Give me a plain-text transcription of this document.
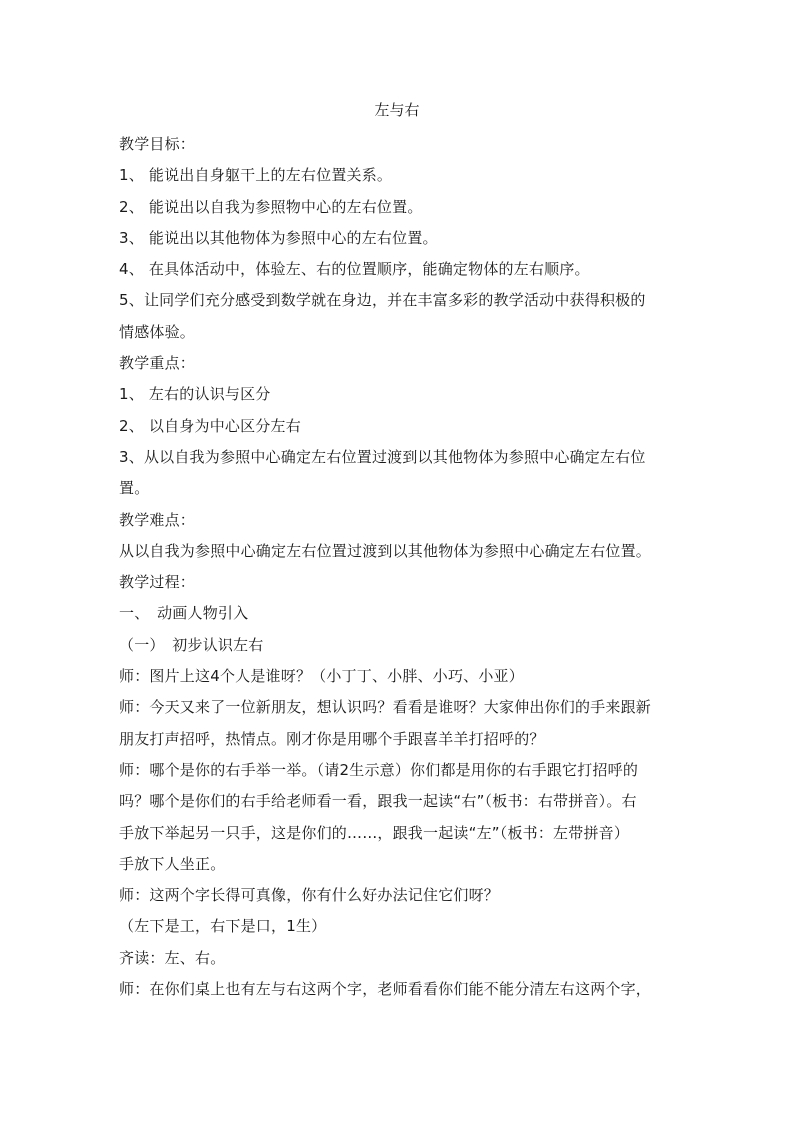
左与右
教学目标：
1、 能说出自身躯干上的左右位置关系。
2、 能说出以自我为参照物中心的左右位置。
3、 能说出以其他物体为参照中心的左右位置。
4、 在具体活动中，体验左、右的位置顺序，能确定物体的左右顺序。
5、让同学们充分感受到数学就在身边，并在丰富多彩的教学活动中获得积极的
情感体验。
教学重点：
1、 左右的认识与区分
2、 以自身为中心区分左右
3、从以自我为参照中心确定左右位置过渡到以其他物体为参照中心确定左右位
置。
教学难点：
从以自我为参照中心确定左右位置过渡到以其他物体为参照中心确定左右位置。
教学过程：
一、　动画人物引入
（一）　初步认识左右
师：图片上这4个人是谁呀？（小丁丁、小胖、小巧、小亚）
师：今天又来了一位新朋友，想认识吗？看看是谁呀？大家伸出你们的手来跟新
朋友打声招呼，热情点。刚才你是用哪个手跟喜羊羊打招呼的？
师：哪个是你的右手举一举。（请2生示意）你们都是用你的右手跟它打招呼的
吗？哪个是你们的右手给老师看一看，跟我一起读“右”（板书：右带拼音）。右
手放下举起另一只手，这是你们的……，跟我一起读“左”（板书：左带拼音）
手放下人坐正。
师：这两个字长得可真像，你有什么好办法记住它们呀？
（左下是工，右下是口，1生）
齐读：左、右。
师：在你们桌上也有左与右这两个字，老师看看你们能不能分清左右这两个字，
